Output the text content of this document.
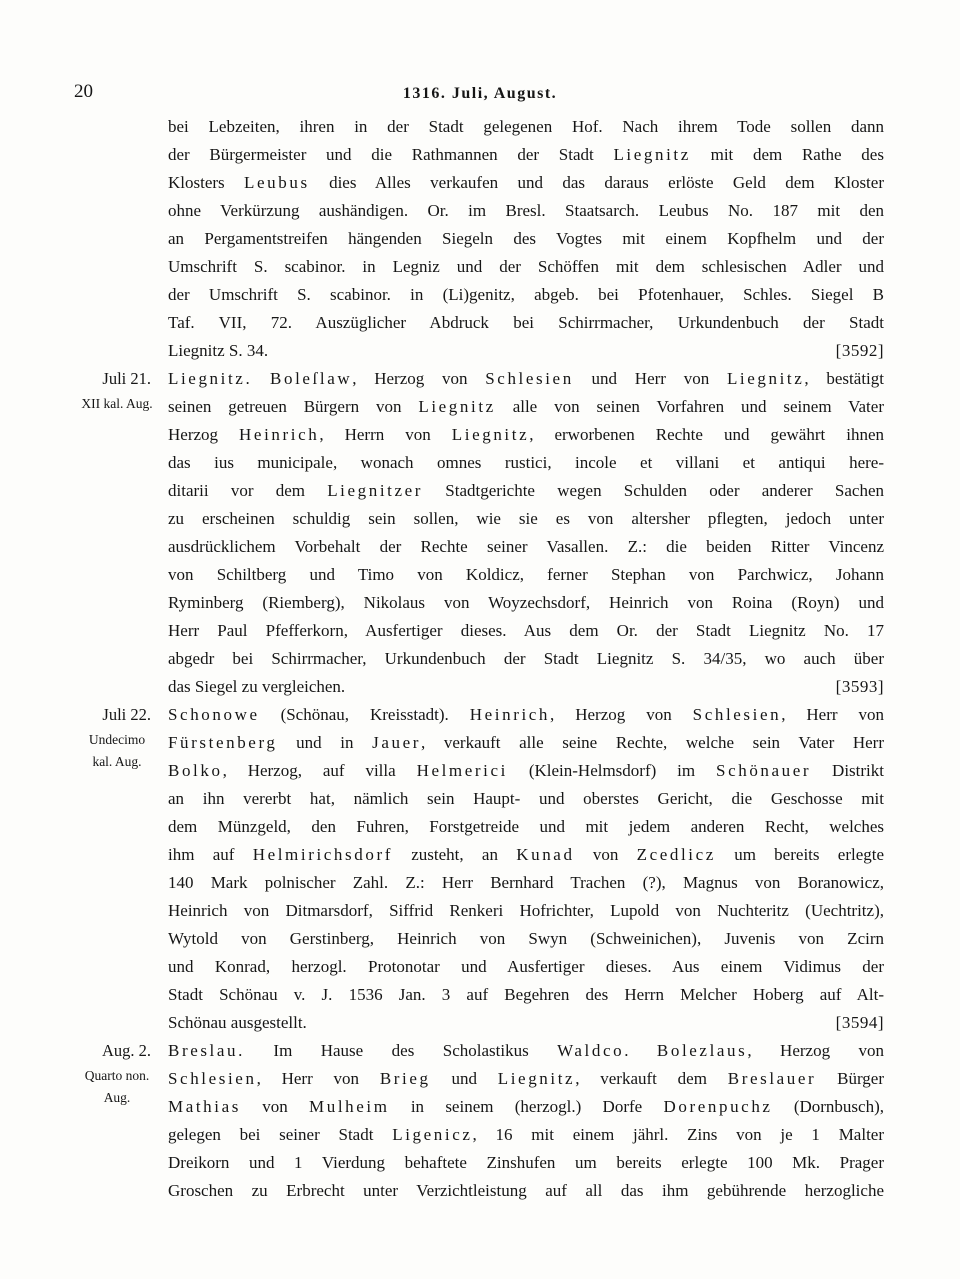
20	1316. Juli, August.
bei Lebzeiten, ihren in der Stadt gelegenen Hof. Nach ihrem Tode sollen dann
der Bürgermeister und die Rathmannen der Stadt Liegnitz mit dem Rathe des
Klosters Leubus dies Alles verkaufen und das daraus erlöste Geld dem Kloster
ohne Verkürzung aushändigen. Or. im Bresl. Staatsarch. Leubus No. 187 mit den
an Pergamentstreifen hängenden Siegeln des Vogtes mit einem Kopfhelm und der
Umschrift S. scabinor. in Legniz und der Schöffen mit dem schlesischen Adler und
der Umschrift S. scabinor. in (Li)genitz, abgeb. bei Pfotenhauer, Schles. Siegel B
Taf. VII, 72. Auszüglicher Abdruck bei Schirrmacher, Urkundenbuch der Stadt
Liegnitz S. 34.	[3592]
Juli 21.
XII kal. Aug.
Liegnitz. Boleſlaw, Herzog von Schlesien und Herr von Liegnitz, bestätigt
seinen getreuen Bürgern von Liegnitz alle von seinen Vorfahren und seinem Vater
Herzog Heinrich, Herrn von Liegnitz, erworbenen Rechte und gewährt ihnen
das ius municipale, wonach omnes rustici, incole et villani et antiqui here-
ditarii vor dem Liegnitzer Stadtgerichte wegen Schulden oder anderer Sachen
zu erscheinen schuldig sein sollen, wie sie es von altersher pflegten, jedoch unter
ausdrücklichem Vorbehalt der Rechte seiner Vasallen. Z.: die beiden Ritter Vincenz
von Schiltberg und Timo von Koldicz, ferner Stephan von Parchwicz, Johann
Ryminberg (Riemberg), Nikolaus von Woyzechsdorf, Heinrich von Roina (Royn) und
Herr Paul Pfefferkorn, Ausfertiger dieses. Aus dem Or. der Stadt Liegnitz No. 17
abgedr bei Schirrmacher, Urkundenbuch der Stadt Liegnitz S. 34/35, wo auch über
das Siegel zu vergleichen.	[3593]
Juli 22.
Undecimo
kal. Aug.
Schonowe (Schönau, Kreisstadt). Heinrich, Herzog von Schlesien, Herr von
Fürstenberg und in Jauer, verkauft alle seine Rechte, welche sein Vater Herr
Bolko, Herzog, auf villa Helmerici (Klein-Helmsdorf) im Schönauer Distrikt
an ihn vererbt hat, nämlich sein Haupt- und oberstes Gericht, die Geschosse mit
dem Münzgeld, den Fuhren, Forstgetreide und mit jedem anderen Recht, welches
ihm auf Helmirichsdorf zusteht, an Kunad von Zcedlicz um bereits erlegte
140 Mark polnischer Zahl. Z.: Herr Bernhard Trachen (?), Magnus von Boranowicz,
Heinrich von Ditmarsdorf, Siffrid Renkeri Hofrichter, Lupold von Nuchteritz (Uechtritz),
Wytold von Gerstinberg, Heinrich von Swyn (Schweinichen), Juvenis von Zcirn
und Konrad, herzogl. Protonotar und Ausfertiger dieses. Aus einem Vidimus der
Stadt Schönau v. J. 1536 Jan. 3 auf Begehren des Herrn Melcher Hoberg auf Alt-
Schönau ausgestellt.	[3594]
Aug. 2.
Quarto non.
Aug.
Breslau. Im Hause des Scholastikus Waldco. Bolezlaus, Herzog von
Schlesien, Herr von Brieg und Liegnitz, verkauft dem Breslauer Bürger
Mathias von Mulheim in seinem (herzogl.) Dorfe Dorenpuchz (Dornbusch),
gelegen bei seiner Stadt Ligenicz, 16 mit einem jährl. Zins von je 1 Malter
Dreikorn und 1 Vierdung behaftete Zinshufen um bereits erlegte 100 Mk. Prager
Groschen zu Erbrecht unter Verzichtleistung auf all das ihm gebührende herzogliche
